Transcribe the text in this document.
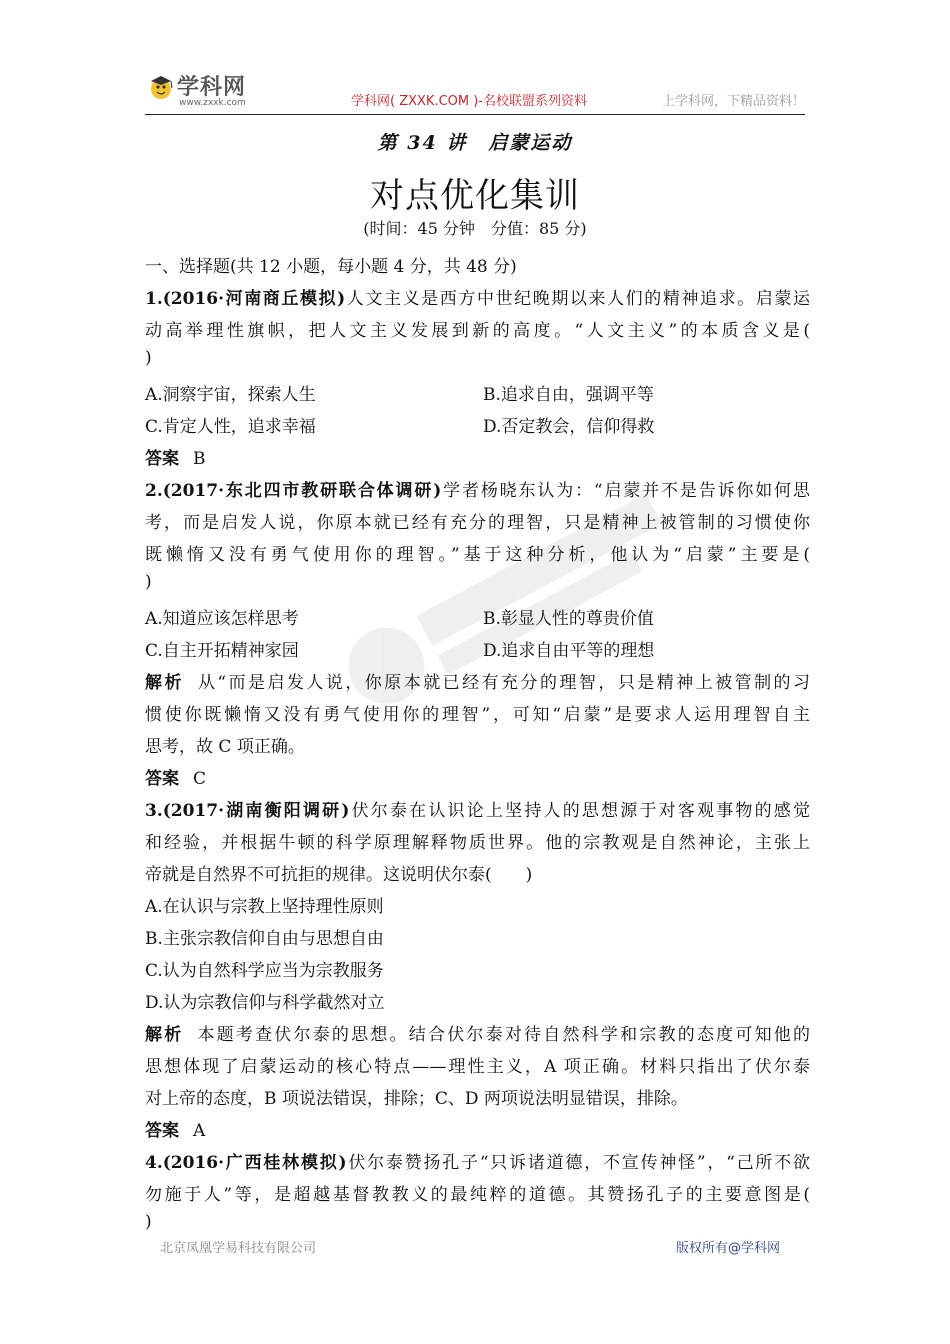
学科网
www.zxxk.com	学科网( ZXXK.COM )-名校联盟系列资料	上学科网，下精品资料！
第 34 讲　启蒙运动
对点优化集训
(时间：45 分钟　分值：85 分)
一、选择题(共 12 小题，每小题 4 分，共 48 分)
1.(2016·河南商丘模拟)人文主义是西方中世纪晚期以来人们的精神追求。启蒙运
动高举理性旗帜，把人文主义发展到新的高度。“人文主义”的本质含义是(
)
A.洞察宇宙，探索人生	B.追求自由，强调平等
C.肯定人性，追求幸福	D.否定教会，信仰得救
答案 B
2.(2017·东北四市教研联合体调研)学者杨晓东认为：“启蒙并不是告诉你如何思
考，而是启发人说，你原本就已经有充分的理智，只是精神上被管制的习惯使你
既懒惰又没有勇气使用你的理智。”基于这种分析，他认为“启蒙”主要是(
)
A.知道应该怎样思考	B.彰显人性的尊贵价值
C.自主开拓精神家园	D.追求自由平等的理想
解析 从“而是启发人说，你原本就已经有充分的理智，只是精神上被管制的习
惯使你既懒惰又没有勇气使用你的理智”，可知“启蒙”是要求人运用理智自主
思考，故 C 项正确。
答案 C
3.(2017·湖南衡阳调研)伏尔泰在认识论上坚持人的思想源于对客观事物的感觉
和经验，并根据牛顿的科学原理解释物质世界。他的宗教观是自然神论，主张上
帝就是自然界不可抗拒的规律。这说明伏尔泰(　　)
A.在认识与宗教上坚持理性原则
B.主张宗教信仰自由与思想自由
C.认为自然科学应当为宗教服务
D.认为宗教信仰与科学截然对立
解析 本题考查伏尔泰的思想。结合伏尔泰对待自然科学和宗教的态度可知他的
思想体现了启蒙运动的核心特点——理性主义，A 项正确。材料只指出了伏尔泰
对上帝的态度，B 项说法错误，排除；C、D 两项说法明显错误，排除。
答案 A
4.(2016·广西桂林模拟)伏尔泰赞扬孔子“只诉诸道德，不宣传神怪”，“己所不欲
勿施于人”等，是超越基督教教义的最纯粹的道德。其赞扬孔子的主要意图是(
)
北京凤凰学易科技有限公司	版权所有@学科网
